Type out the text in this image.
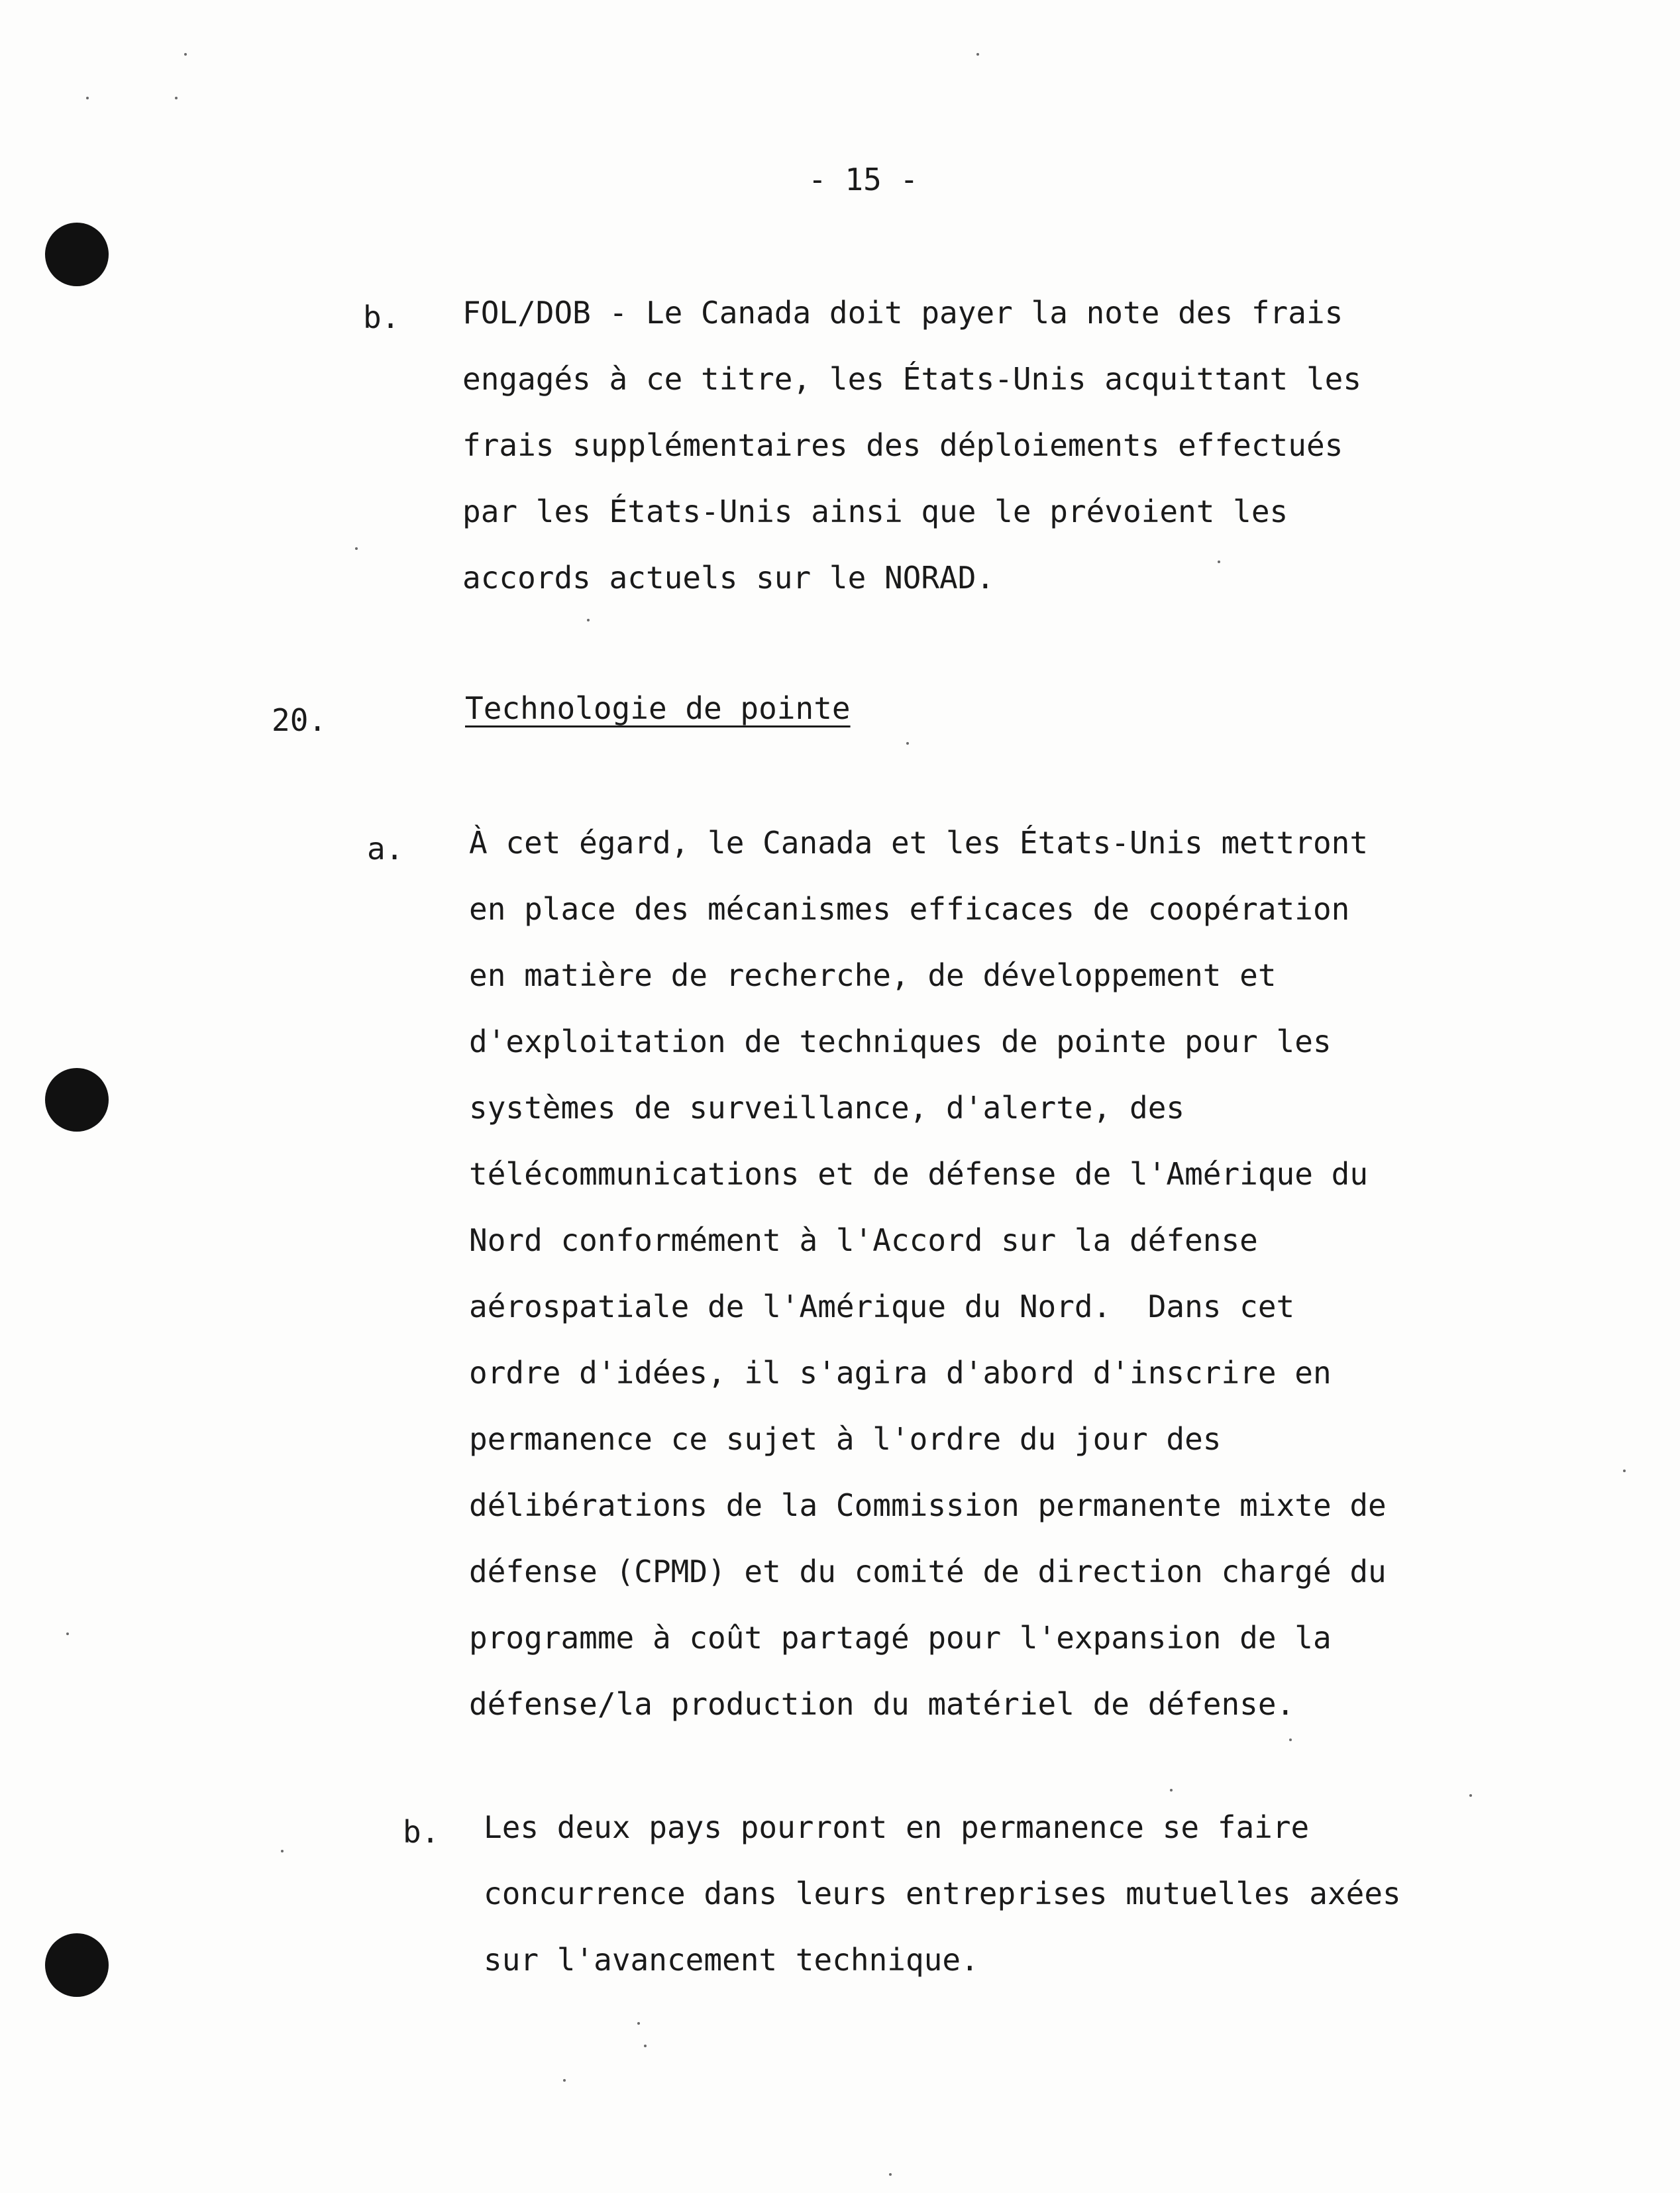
- 15 -
b. FOL/DOB - Le Canada doit payer la note des frais
engagés à ce titre, les États-Unis acquittant les
frais supplémentaires des déploiements effectués
par les États-Unis ainsi que le prévoient les
accords actuels sur le NORAD.
20.	Technologie de pointe
a. À cet égard, le Canada et les États-Unis mettront
en place des mécanismes efficaces de coopération
en matière de recherche, de développement et
d'exploitation de techniques de pointe pour les
systèmes de surveillance, d'alerte, des
télécommunications et de défense de l'Amérique du
Nord conformément à l'Accord sur la défense
aérospatiale de l'Amérique du Nord.  Dans cet
ordre d'idées, il s'agira d'abord d'inscrire en
permanence ce sujet à l'ordre du jour des
délibérations de la Commission permanente mixte de
défense (CPMD) et du comité de direction chargé du
programme à coût partagé pour l'expansion de la
défense/la production du matériel de défense.
b. Les deux pays pourront en permanence se faire
concurrence dans leurs entreprises mutuelles axées
sur l'avancement technique.
